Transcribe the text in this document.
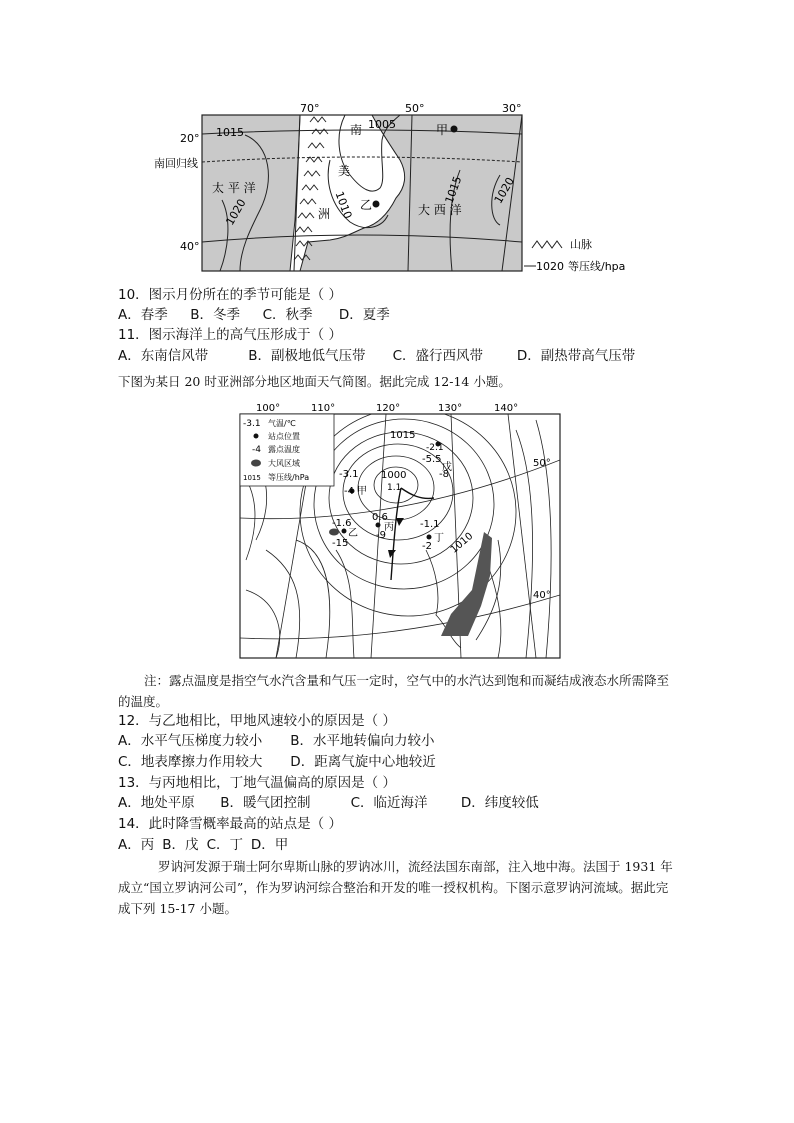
70°	50°	30°
20°
40°
南回归线
1015
1005
1020	1010	1015 1020
太 平 洋
大 西 洋
南
美
洲
甲
乙
山脉
1020 等压线/hpa
10．图示月份所在的季节可能是（ ）
A．春季 B．冬季 C．秋季 D．夏季
11．图示海洋上的高气压形成于（ ）
A．东南信风带	B．副极地低气压带 C．盛行西风带	D．副热带高气压带
下图为某日 20 时亚洲部分地区地面天气简图。据此完成 12-14 小题。
100°	110°	120°	130°	140°
50°
40°
-3.1 气温/℃
站点位置
-4 露点温度
大风区域
1015 等压线/hPa
1015
1000
1010
-3.1
-4 甲
-1.6
-15
乙
0.6
-9
丙	-1.1
-2
丁
-5.5
-8
戊
-2.1
1.1
注：露点温度是指空气水汽含量和气压一定时，空气中的水汽达到饱和而凝结成液态水所需降至的温度。
12．与乙地相比，甲地风速较小的原因是（ ）
A．水平气压梯度力较小 B．水平地转偏向力较小
C．地表摩擦力作用较大 D．距离气旋中心地较近
13．与丙地相比，丁地气温偏高的原因是（ ）
A．地处平原 B．暖气团控制	C．临近海洋 D．纬度较低
14．此时降雪概率最高的站点是（ ）
A．丙 B．戊 C．丁 D．甲
罗讷河发源于瑞士阿尔卑斯山脉的罗讷冰川，流经法国东南部，注入地中海。法国于 1931 年成立“国立罗讷河公司”，作为罗讷河综合整治和开发的唯一授权机构。下图示意罗讷河流域。据此完成下列 15-17 小题。
